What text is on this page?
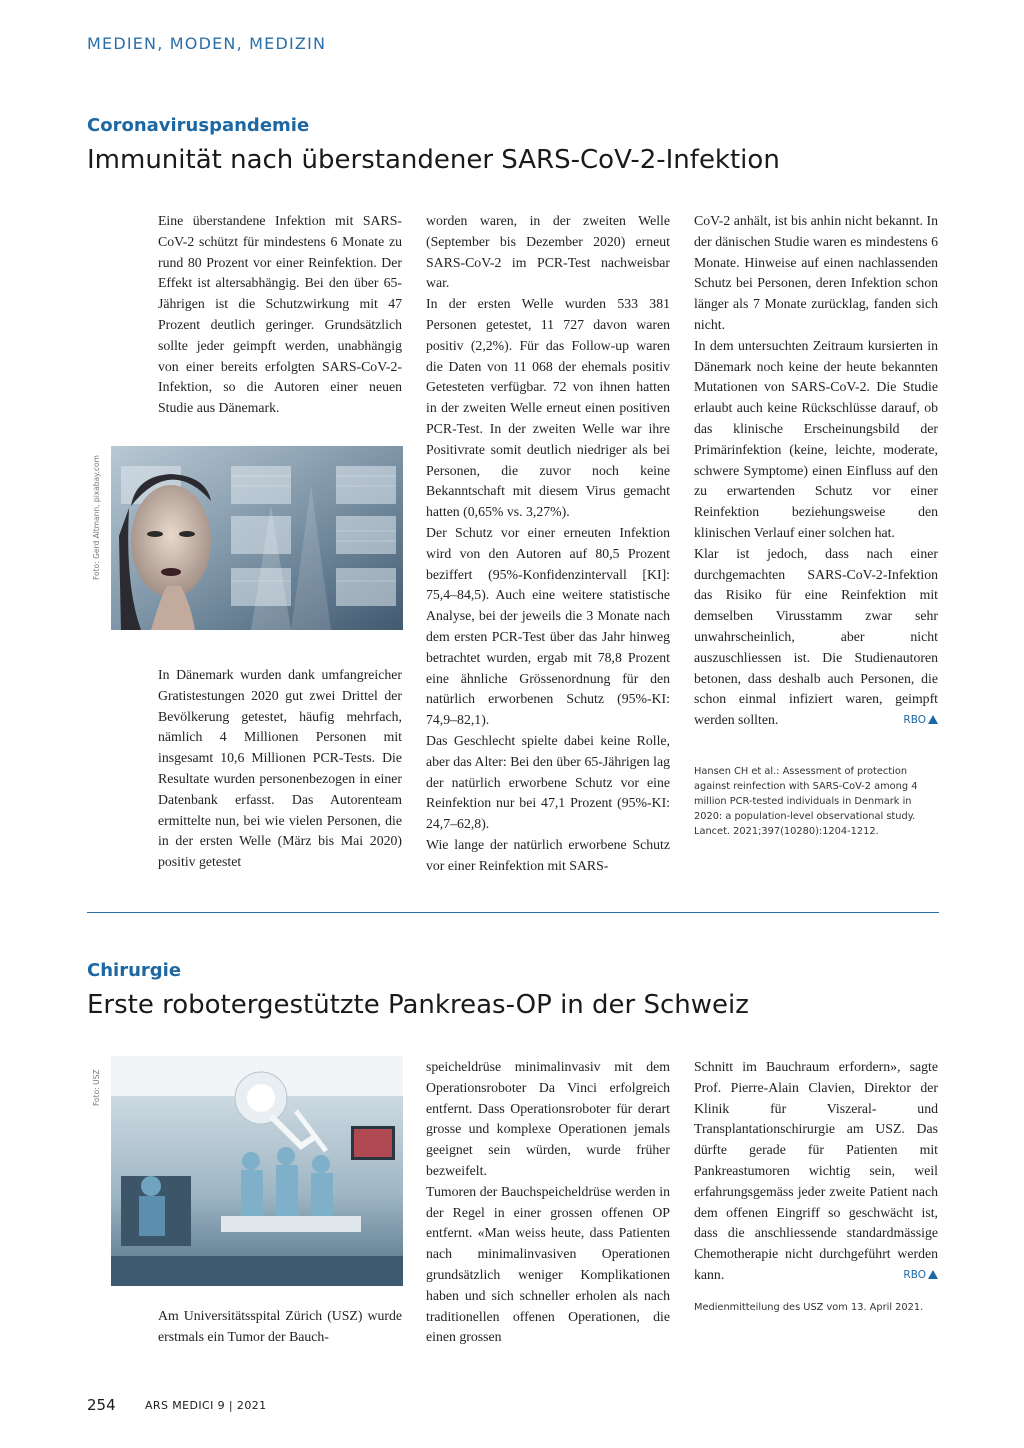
MEDIEN, MODEN, MEDIZIN
Coronaviruspandemie
Immunität nach überstandener SARS-CoV-2-Infektion

Eine überstandene Infektion mit SARS-CoV-2 schützt für mindestens 6 Monate zu rund 80 Prozent vor einer Reinfektion. Der Effekt ist altersabhängig. Bei den über 65-Jährigen ist die Schutzwirkung mit 47 Prozent deutlich geringer. Grundsätzlich sollte jeder geimpft werden, unabhängig von einer bereits erfolgten SARS-CoV-2-Infektion, so die Autoren einer neuen Studie aus Dänemark.

Foto: Gerd Altmann, pixabay.com

In Dänemark wurden dank umfangreicher Gratistestungen 2020 gut zwei Drittel der Bevölkerung getestet, häufig mehrfach, nämlich 4 Millionen Personen mit insgesamt 10,6 Millionen PCR-Tests. Die Resultate wurden personenbezogen in einer Datenbank erfasst. Das Autorenteam ermittelte nun, bei wie vielen Personen, die in der ersten Welle (März bis Mai 2020) positiv getestet

worden waren, in der zweiten Welle (September bis Dezember 2020) erneut SARS-CoV-2 im PCR-Test nachweisbar war.

In der ersten Welle wurden 533 381 Personen getestet, 11 727 davon waren positiv (2,2%). Für das Follow-up waren die Daten von 11 068 der ehemals positiv Getesteten verfügbar. 72 von ihnen hatten in der zweiten Welle erneut einen positiven PCR-Test. In der zweiten Welle war ihre Positivrate somit deutlich niedriger als bei Personen, die zuvor noch keine Bekanntschaft mit diesem Virus gemacht hatten (0,65% vs. 3,27%).

Der Schutz vor einer erneuten Infektion wird von den Autoren auf 80,5 Prozent beziffert (95%-Konfidenzintervall [KI]: 75,4–84,5). Auch eine weitere statistische Analyse, bei der jeweils die 3 Monate nach dem ersten PCR-Test über das Jahr hinweg betrachtet wurden, ergab mit 78,8 Prozent eine ähnliche Grössenordnung für den natürlich erworbenen Schutz (95%-KI: 74,9–82,1).

Das Geschlecht spielte dabei keine Rolle, aber das Alter: Bei den über 65-Jährigen lag der natürlich erworbene Schutz vor eine Reinfektion nur bei 47,1 Prozent (95%-KI: 24,7–62,8).

Wie lange der natürlich erworbene Schutz vor einer Reinfektion mit SARS-

CoV-2 anhält, ist bis anhin nicht bekannt. In der dänischen Studie waren es mindestens 6 Monate. Hinweise auf einen nachlassenden Schutz bei Personen, deren Infektion schon länger als 7 Monate zurücklag, fanden sich nicht.

In dem untersuchten Zeitraum kursierten in Dänemark noch keine der heute bekannten Mutationen von SARS-CoV-2. Die Studie erlaubt auch keine Rückschlüsse darauf, ob das klinische Erscheinungsbild der Primärinfektion (keine, leichte, moderate, schwere Symptome) einen Einfluss auf den zu erwartenden Schutz vor einer Reinfektion beziehungsweise den klinischen Verlauf einer solchen hat.

Klar ist jedoch, dass nach einer durchgemachten SARS-CoV-2-Infektion das Risiko für eine Reinfektion mit demselben Virusstamm zwar sehr unwahrscheinlich, aber nicht auszuschliessen ist. Die Studienautoren betonen, dass deshalb auch Personen, die schon einmal infiziert waren, geimpft werden sollten.	RBO

Hansen CH et al.: Assessment of protection against reinfection with SARS-CoV-2 among 4 million PCR-tested individuals in Denmark in 2020: a population-level observational study. Lancet. 2021;397(10280):1204-1212.
Chirurgie
Erste robotergestützte Pankreas-OP in der Schweiz
Foto: USZ

Am Universitätsspital Zürich (USZ) wurde erstmals ein Tumor der Bauch-

speicheldrüse minimalinvasiv mit dem Operationsroboter Da Vinci erfolgreich entfernt. Dass Operationsroboter für derart grosse und komplexe Operationen jemals geeignet sein würden, wurde früher bezweifelt.

Tumoren der Bauchspeicheldrüse werden in der Regel in einer grossen offenen OP entfernt. «Man weiss heute, dass Patienten nach minimalinvasiven Operationen grundsätzlich weniger Komplikationen haben und sich schneller erholen als nach traditionellen offenen Operationen, die einen grossen

Schnitt im Bauchraum erfordern», sagte Prof. Pierre-Alain Clavien, Direktor der Klinik für Viszeral- und Transplantationschirurgie am USZ. Das dürfte gerade für Patienten mit Pankreastumoren wichtig sein, weil erfahrungsgemäss jeder zweite Patient nach dem offenen Eingriff so geschwächt ist, dass die anschliessende standardmässige Chemotherapie nicht durchgeführt werden kann.	RBO

Medienmitteilung des USZ vom 13. April 2021.
254	ARS MEDICI 9 | 2021
